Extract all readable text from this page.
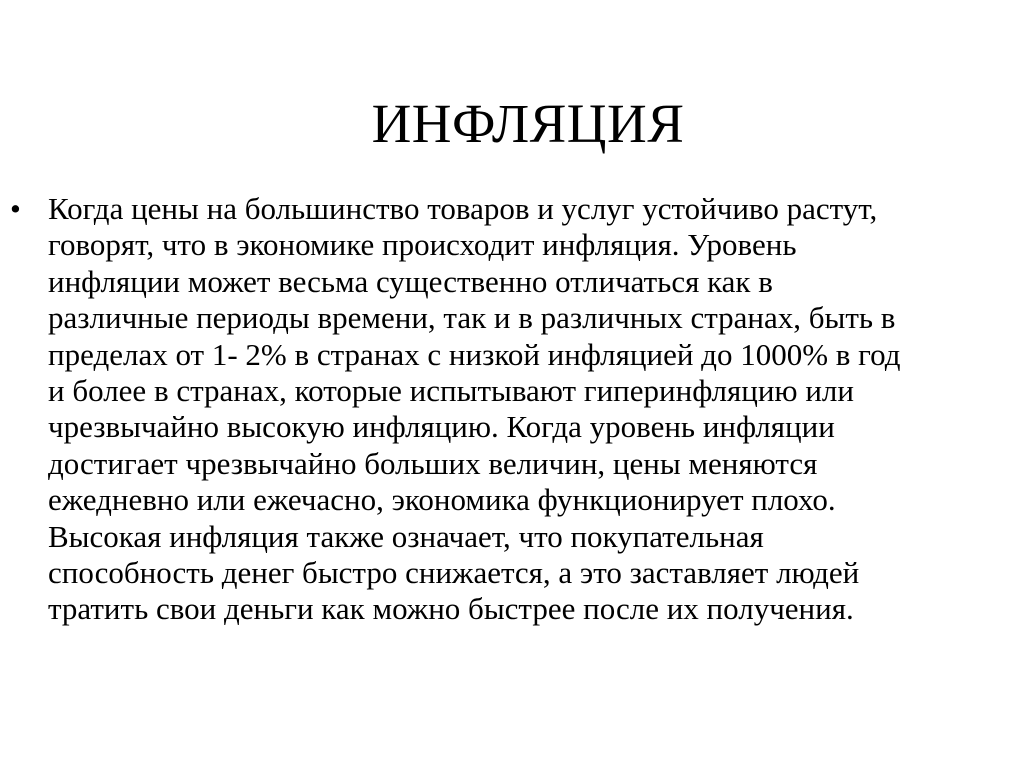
ИНФЛЯЦИЯ
• Когда цены на большинство товаров и услуг устойчиво растут,
говорят, что в экономике происходит инфляция. Уровень
инфляции может весьма существенно отличаться как в
различные периоды времени, так и в различных странах, быть в
пределах от 1- 2% в странах с низкой инфляцией до 1000% в год
и более в странах, которые испытывают гиперинфляцию или
чрезвычайно высокую инфляцию. Когда уровень инфляции
достигает чрезвычайно больших величин, цены меняются
ежедневно или ежечасно, экономика функционирует плохо.
Высокая инфляция также означает, что покупательная
способность денег быстро снижается, а это заставляет людей
тратить свои деньги как можно быстрее после их получения.
